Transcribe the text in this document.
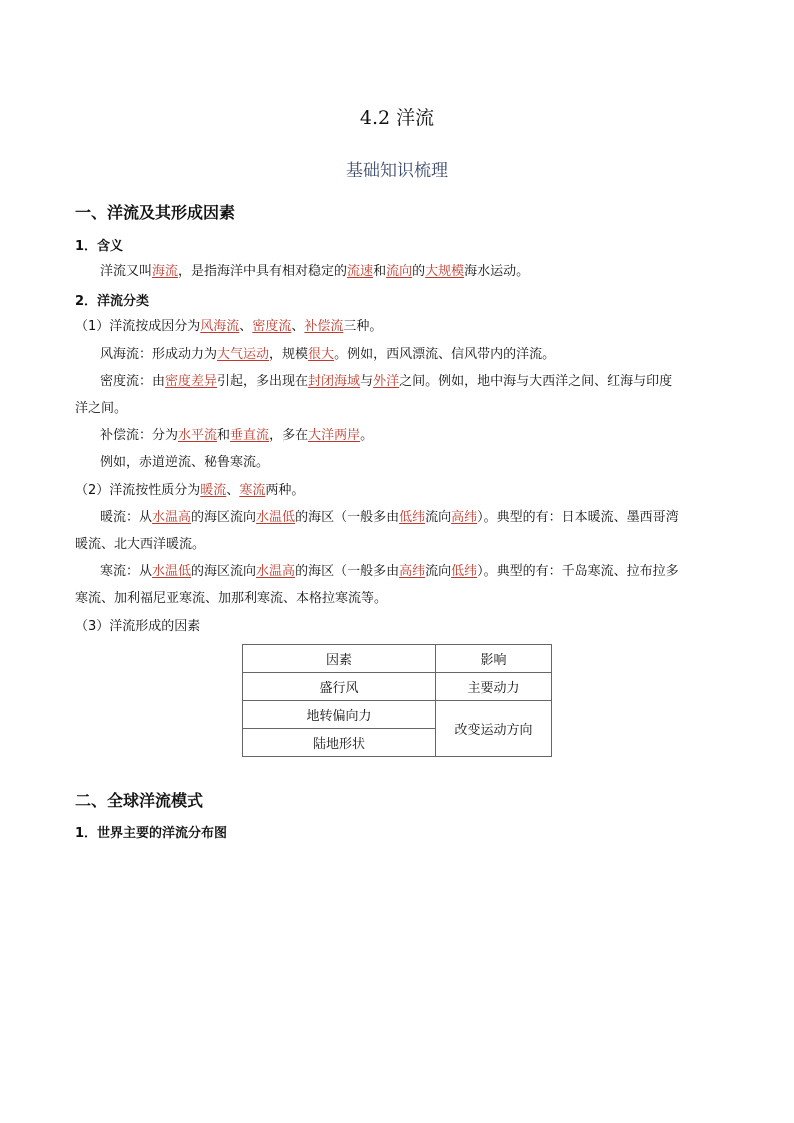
4.2 洋流
基础知识梳理
一、洋流及其形成因素
1．含义
洋流又叫海流，是指海洋中具有相对稳定的流速和流向的大规模海水运动。
2．洋流分类
（1）洋流按成因分为风海流、密度流、补偿流三种。
风海流：形成动力为大气运动，规模很大。例如，西风漂流、信风带内的洋流。
密度流：由密度差异引起，多出现在封闭海域与外洋之间。例如，地中海与大西洋之间、红海与印度
洋之间。
补偿流：分为水平流和垂直流，多在大洋两岸。
例如，赤道逆流、秘鲁寒流。
（2）洋流按性质分为暖流、寒流两种。
暖流：从水温高的海区流向水温低的海区（一般多由低纬流向高纬）。典型的有：日本暖流、墨西哥湾
暖流、北大西洋暖流。
寒流：从水温低的海区流向水温高的海区（一般多由高纬流向低纬）。典型的有：千岛寒流、拉布拉多
寒流、加利福尼亚寒流、加那利寒流、本格拉寒流等。
（3）洋流形成的因素
因素	影响
盛行风	主要动力
地转偏向力	改变运动方向
陆地形状	
二、全球洋流模式
1．世界主要的洋流分布图
